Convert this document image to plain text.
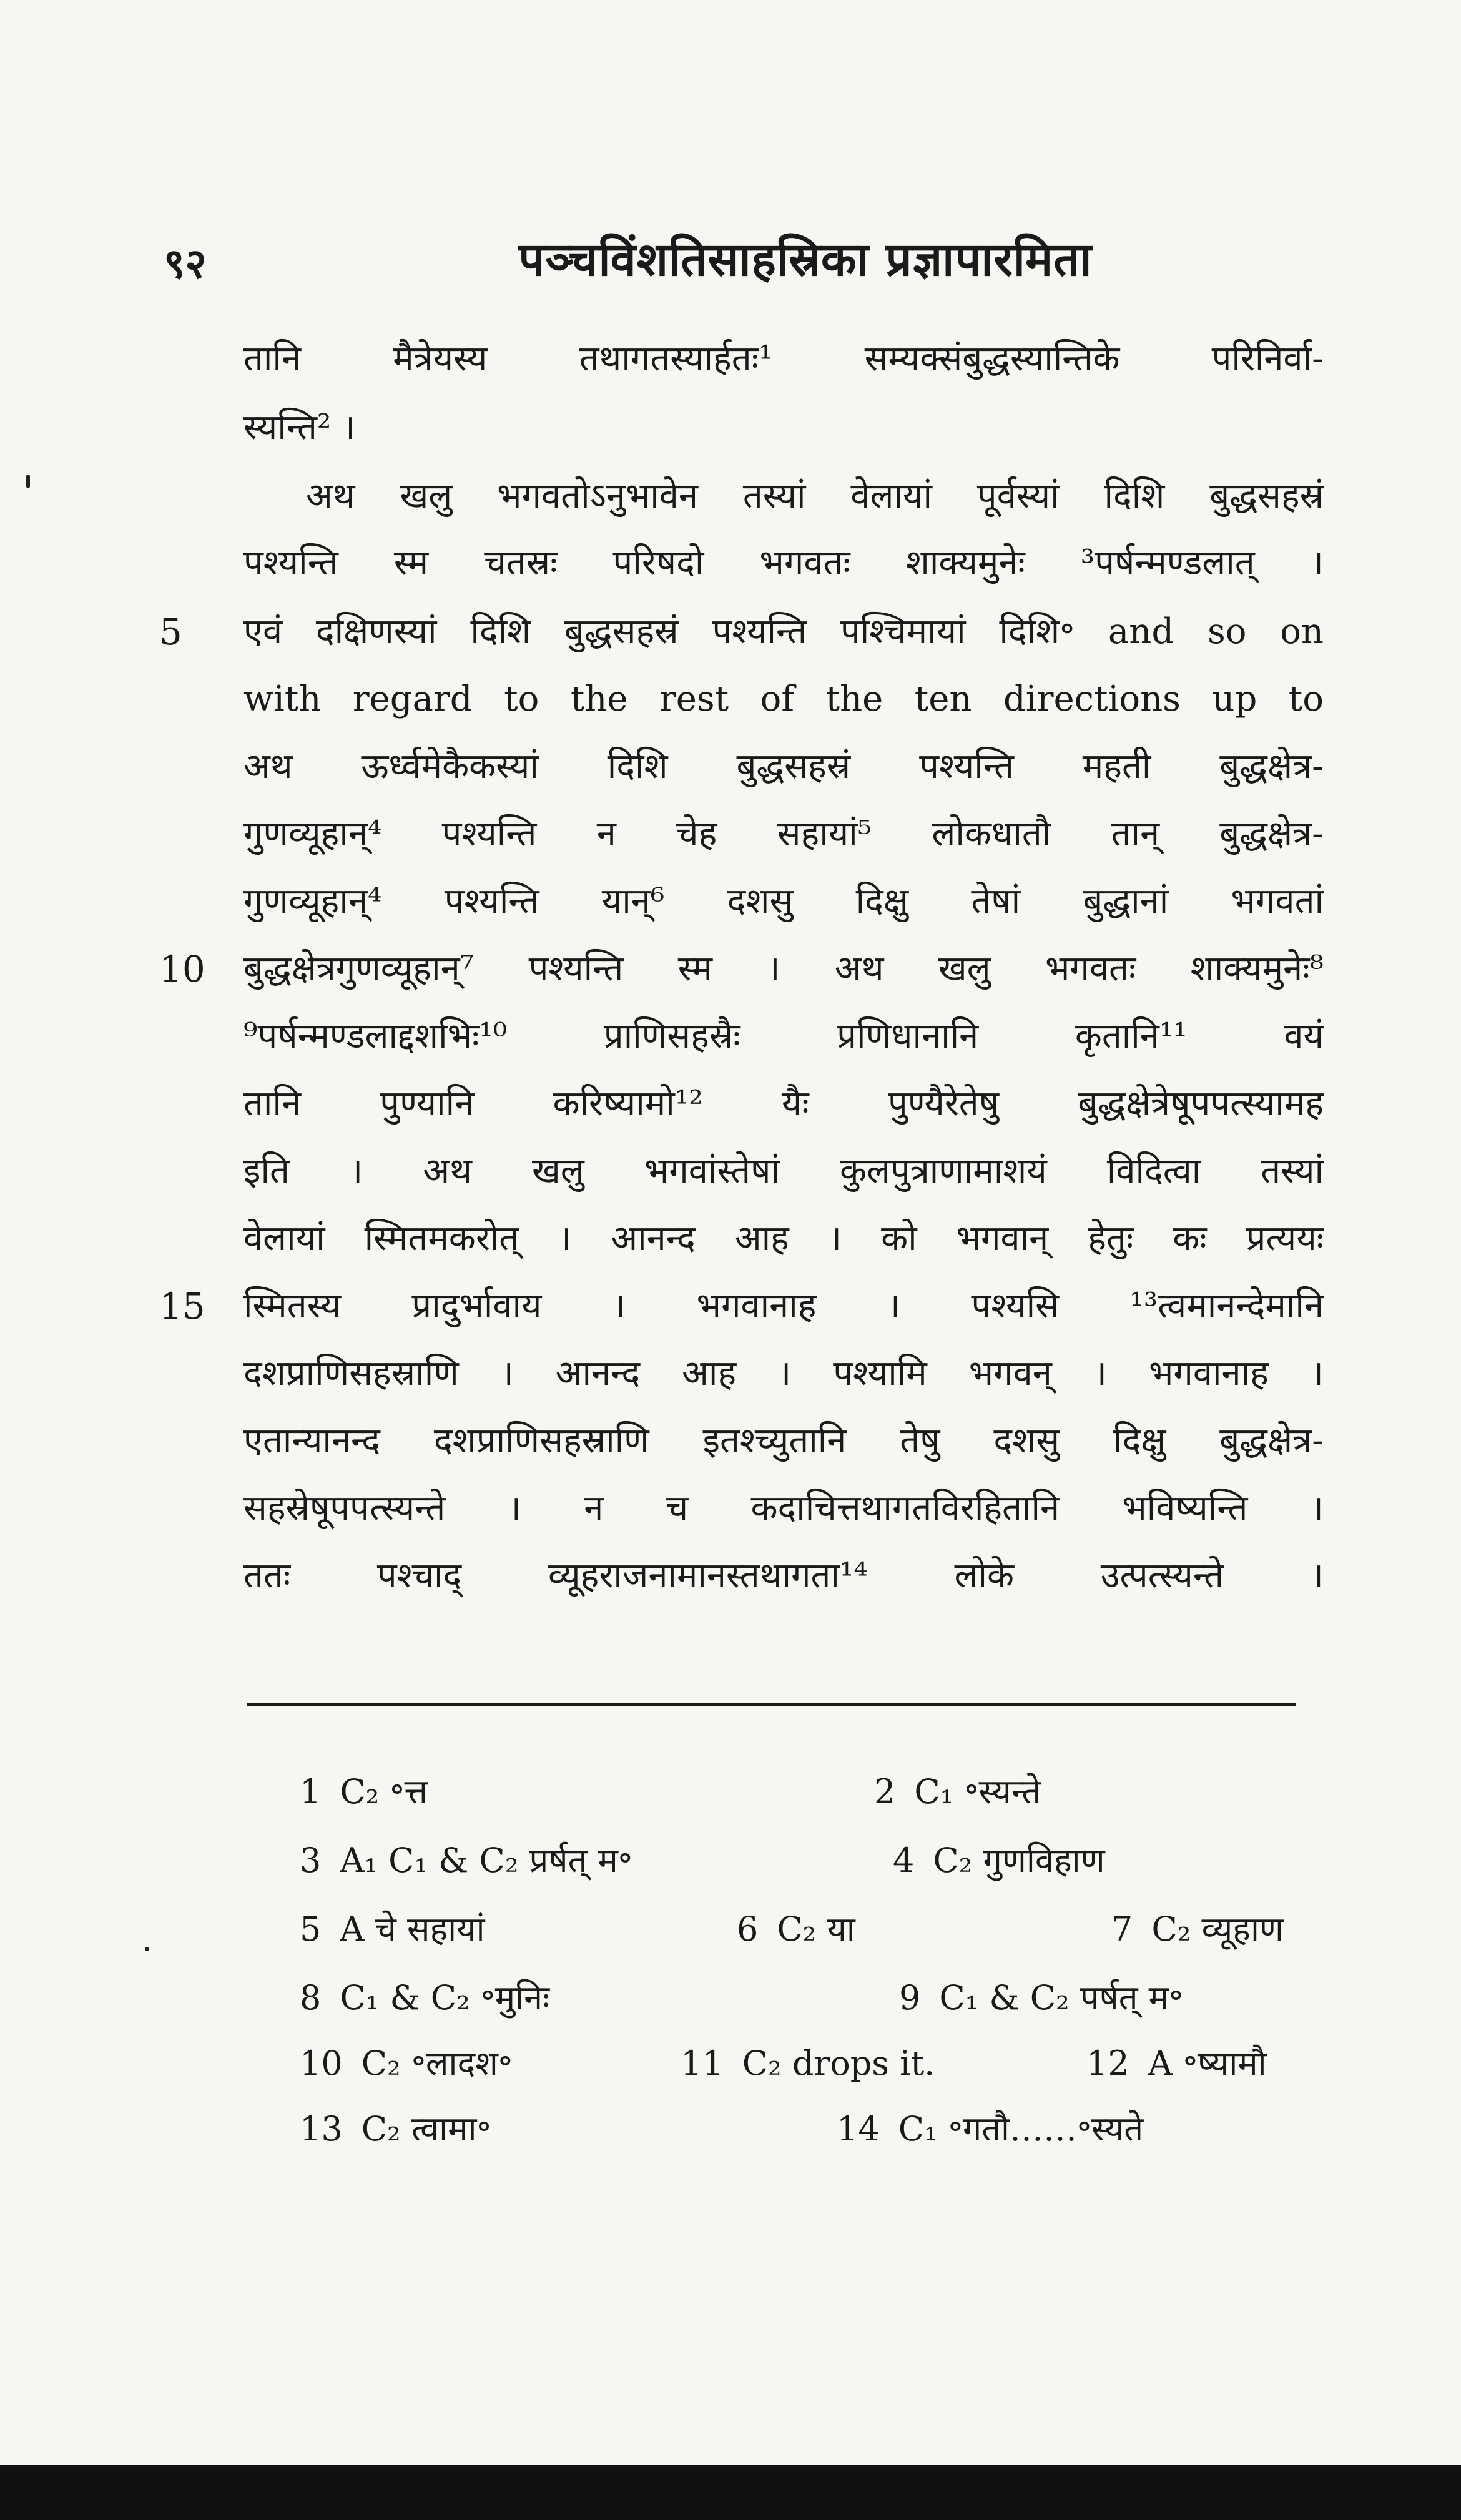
९२	पञ्चविंशतिसाहस्रिका प्रज्ञापारमिता
तानि मैत्रेयस्य तथागतस्यार्हतः¹ सम्यक्संबुद्धस्यान्तिके परिनिर्वा-
स्यन्ति² ।
अथ खलु भगवतोऽनुभावेन तस्यां वेलायां पूर्वस्यां दिशि बुद्धसहस्रं
पश्यन्ति स्म चतस्रः परिषदो भगवतः शाक्यमुनेः ³पर्षन्मण्डलात् ।
5	एवं दक्षिणस्यां दिशि बुद्धसहस्रं पश्यन्ति पश्चिमायां दिशि॰ and so on
with regard to the rest of the ten directions up to
अथ ऊर्ध्वमेकैकस्यां दिशि बुद्धसहस्रं पश्यन्ति महती बुद्धक्षेत्र-
गुणव्यूहान्⁴ पश्यन्ति न चेह सहायां⁵ लोकधातौ तान् बुद्धक्षेत्र-
गुणव्यूहान्⁴ पश्यन्ति यान्⁶ दशसु दिक्षु तेषां बुद्धानां भगवतां
10 बुद्धक्षेत्रगुणव्यूहान्⁷ पश्यन्ति स्म । अथ खलु भगवतः शाक्यमुनेः⁸
⁹पर्षन्मण्डलाद्दशभिः¹⁰ प्राणिसहस्रैः प्रणिधानानि कृतानि¹¹ वयं
तानि पुण्यानि करिष्यामो¹² यैः पुण्यैरेतेषु बुद्धक्षेत्रेषूपपत्स्यामह
इति । अथ खलु भगवांस्तेषां कुलपुत्राणामाशयं विदित्वा तस्यां
वेलायां स्मितमकरोत् । आनन्द आह । को भगवान् हेतुः कः प्रत्ययः
15 स्मितस्य प्रादुर्भावाय । भगवानाह । पश्यसि ¹³त्वमानन्देमानि
दशप्राणिसहस्राणि । आनन्द आह । पश्यामि भगवन् । भगवानाह ।
एतान्यानन्द दशप्राणिसहस्राणि इतश्च्युतानि तेषु दशसु दिक्षु बुद्धक्षेत्र-
सहस्रेषूपपत्स्यन्ते । न च कदाचित्तथागतविरहितानि भविष्यन्ति ।
ततः पश्चाद् व्यूहराजनामानस्तथागता¹⁴ लोके उत्पत्स्यन्ते ।
1 C₂ ॰त्त	2 C₁ ॰स्यन्ते
3 A₁ C₁ & C₂ प्रर्षत् म॰	4 C₂ गुणविहाण
5 A चे सहायां	6 C₂ या	7 C₂ व्यूहाण
8 C₁ & C₂ ॰मुनिः	9 C₁ & C₂ पर्षत् म॰
10 C₂ ॰लादश॰	11 C₂ drops it.	12 A ॰ष्यामौ
13 C₂ त्वामा॰	14 C₁ ॰गतौ……॰स्यते
